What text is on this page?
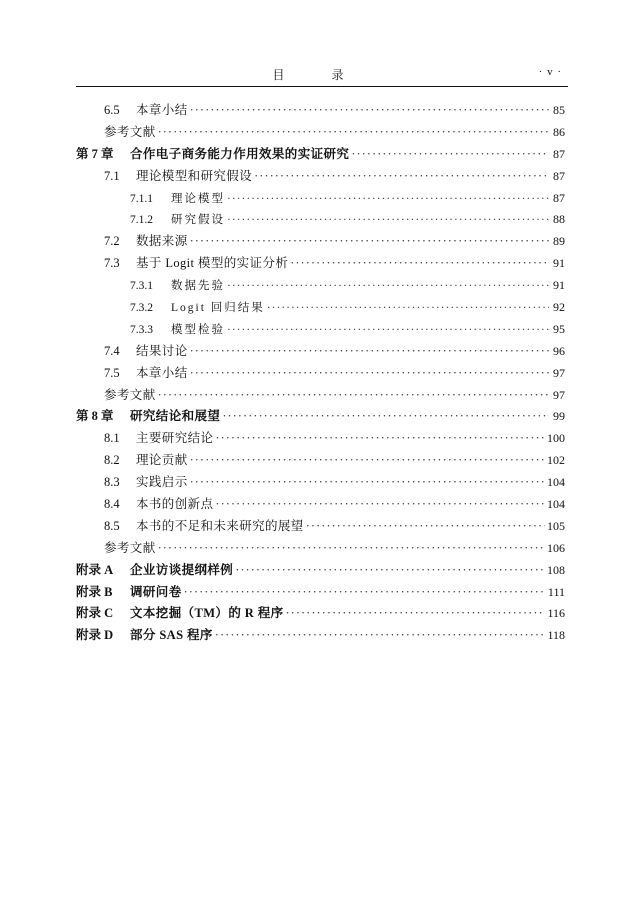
目 录	· v ·
6.5	本章小结 ·····	85
参考文献 ·····	86
第 7 章	合作电子商务能力作用效果的实证研究 ·····	87
7.1	理论模型和研究假设 ·····	87
7.1.1	理论模型 ·····	87
7.1.2	研究假设 ·····	88
7.2	数据来源 ·····	89
7.3	基于 Logit 模型的实证分析 ·····	91
7.3.1	数据先验 ·····	91
7.3.2	Logit 回归结果 ·····	92
7.3.3	模型检验 ·····	95
7.4	结果讨论 ·····	96
7.5	本章小结 ·····	97
参考文献 ·····	97
第 8 章	研究结论和展望 ·····	99
8.1	主要研究结论 ·····	100
8.2	理论贡献 ·····	102
8.3	实践启示 ·····	104
8.4	本书的创新点 ·····	104
8.5	本书的不足和未来研究的展望 ·····	105
参考文献 ·····	106
附录 A	企业访谈提纲样例 ·····	108
附录 B	调研问卷 ·····	111
附录 C	文本挖掘（TM）的 R 程序 ·····	116
附录 D	部分 SAS 程序 ·····	118
